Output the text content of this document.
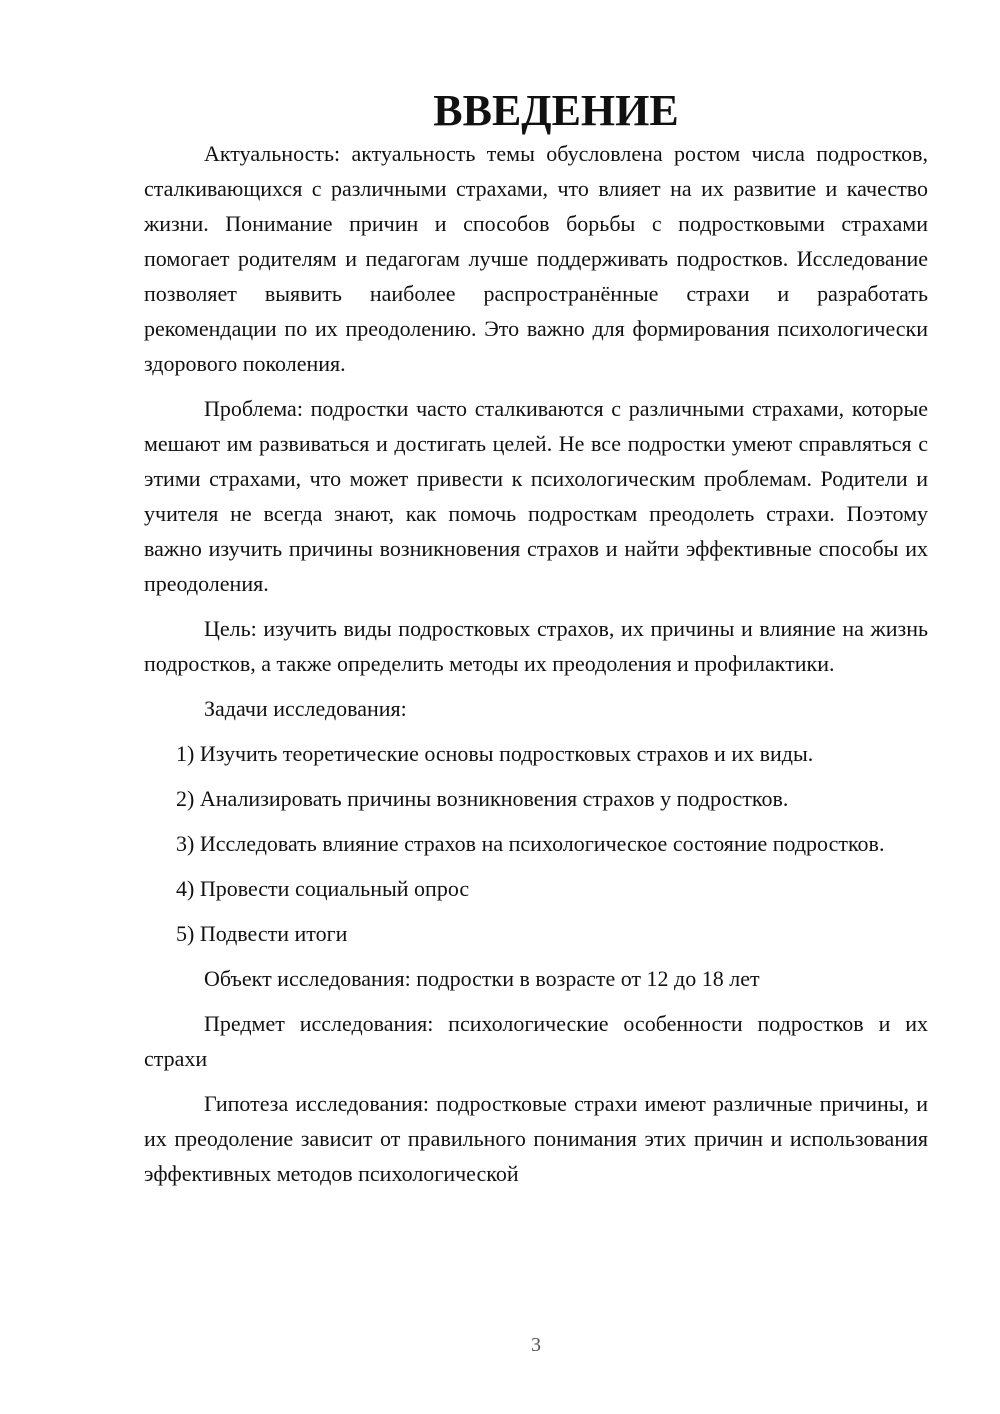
ВВЕДЕНИЕ

Актуальность: актуальность темы обусловлена ростом числа подростков, сталкивающихся с различными страхами, что влияет на их развитие и качество жизни. Понимание причин и способов борьбы с подростковыми страхами помогает родителям и педагогам лучше поддерживать подростков. Исследование позволяет выявить наиболее распространённые страхи и разработать рекомендации по их преодолению. Это важно для формирования психологически здорового поколения.

Проблема: подростки часто сталкиваются с различными страхами, которые мешают им развиваться и достигать целей. Не все подростки умеют справляться с этими страхами, что может привести к психологическим проблемам. Родители и учителя не всегда знают, как помочь подросткам преодолеть страхи. Поэтому важно изучить причины возникновения страхов и найти эффективные способы их преодоления.

Цель: изучить виды подростковых страхов, их причины и влияние на жизнь подростков, а также определить методы их преодоления и профилактики.

Задачи исследования:

1) Изучить теоретические основы подростковых страхов и их виды.

2) Анализировать причины возникновения страхов у подростков.

3) Исследовать влияние страхов на психологическое состояние подростков.

4) Провести социальный опрос

5) Подвести итоги

Объект исследования: подростки в возрасте от 12 до 18 лет

Предмет исследования: психологические особенности подростков и их страхи

Гипотеза исследования: подростковые страхи имеют различные причины, и их преодоление зависит от правильного понимания этих причин и использования эффективных методов психологической

3
